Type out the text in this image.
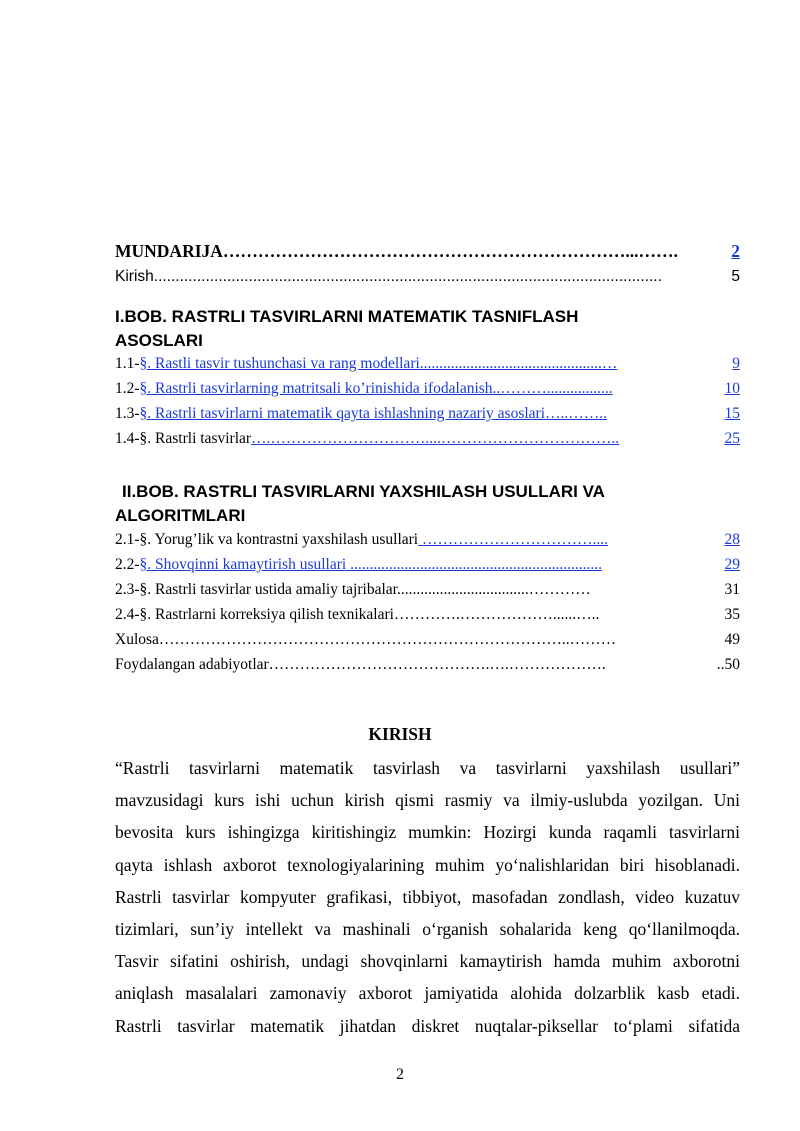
MUNDARIJA……………………………………………………………...…….	2
Kirish......................................................................................................................	5
I.BOB. RASTRLI TASVIRLARNI MATEMATIK TASNIFLASH
ASOSLARI
1.1-§. Rastli tasvir tushunchasi va rang modellari...............................................…	9
1.2-§. Rastrli tasvirlarning matritsali ko’rinishida ifodalanish..……….................	10
1.3-§. Rastrli tasvirlarni matematik qayta ishlashning nazariy asoslari…..……..	15
1.4-§. Rastrli tasvirlar….…………………………....……………………………..	25
II.BOB. RASTRLI TASVIRLARNI YAXSHILASH USULLARI VA
ALGORITMLARI
2.1-§. Yorug’lik va kontrastni yaxshilash usullari ……………………………....	28
2.2-§. Shovqinni kamaytirish usullari .................................................................	29
2.3-§. Rastrli tasvirlar ustida amaliy tajribalar..................................…………	31
2.4-§. Rastrlarni korreksiya qilish texnikalari………….………………......…..	35
Xulosa……………………………………………………………………..………	49
Foydalangan adabiyotlar…………………………………….….……………….	..50
KIRISH
“Rastrli tasvirlarni matematik tasvirlash va tasvirlarni yaxshilash usullari”
mavzusidagi kurs ishi uchun kirish qismi rasmiy va ilmiy-uslubda yozilgan. Uni
bevosita kurs ishingizga kiritishingiz mumkin: Hozirgi kunda raqamli tasvirlarni
qayta ishlash axborot texnologiyalarining muhim yo‘nalishlaridan biri hisoblanadi.
Rastrli tasvirlar kompyuter grafikasi, tibbiyot, masofadan zondlash, video kuzatuv
tizimlari, sun’iy intellekt va mashinali o‘rganish sohalarida keng qo‘llanilmoqda.
Tasvir sifatini oshirish, undagi shovqinlarni kamaytirish hamda muhim axborotni
aniqlash masalalari zamonaviy axborot jamiyatida alohida dolzarblik kasb etadi.
Rastrli tasvirlar matematik jihatdan diskret nuqtalar-piksellar to‘plami sifatida
2
